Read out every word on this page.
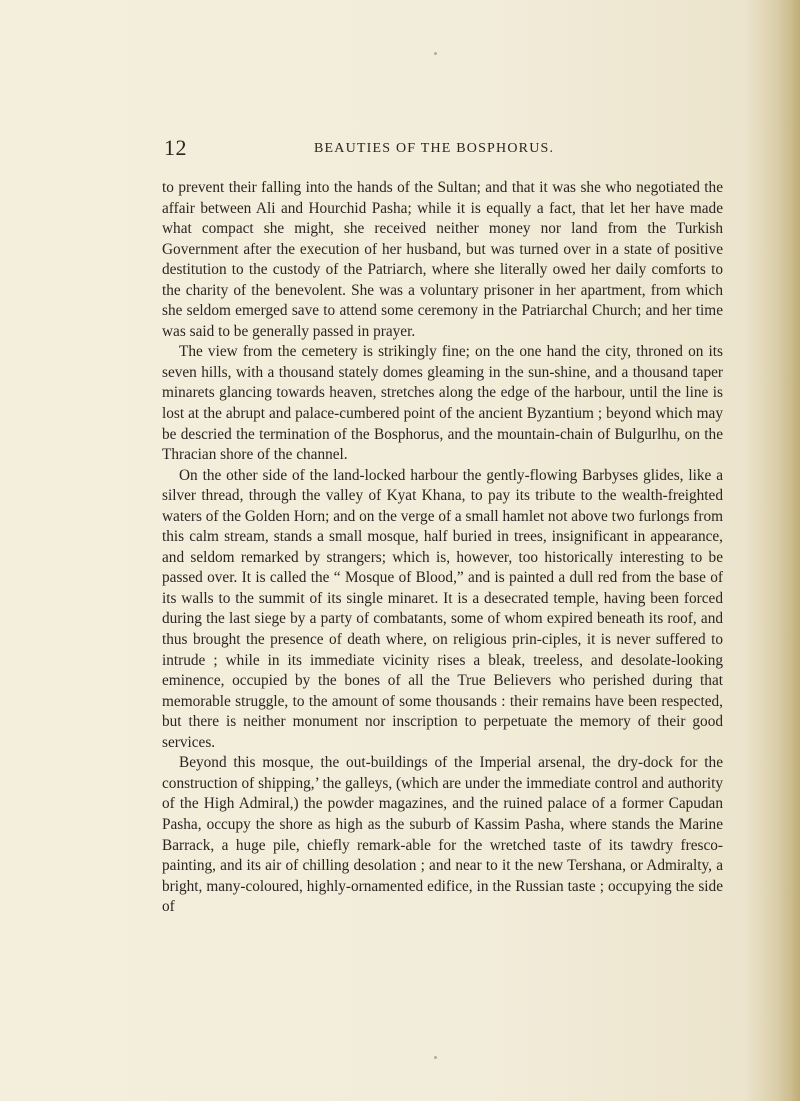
12	BEAUTIES OF THE BOSPHORUS.

to prevent their falling into the hands of the Sultan; and that it was she who negotiated the affair between Ali and Hourchid Pasha; while it is equally a fact, that let her have made what compact she might, she received neither money nor land from the Turkish Government after the execution of her husband, but was turned over in a state of positive destitution to the custody of the Patriarch, where she literally owed her daily comforts to the charity of the benevolent. She was a voluntary prisoner in her apartment, from which she seldom emerged save to attend some ceremony in the Patriarchal Church; and her time was said to be generally passed in prayer.

The view from the cemetery is strikingly fine; on the one hand the city, throned on its seven hills, with a thousand stately domes gleaming in the sun-shine, and a thousand taper minarets glancing towards heaven, stretches along the edge of the harbour, until the line is lost at the abrupt and palace-cumbered point of the ancient Byzantium ; beyond which may be descried the termination of the Bosphorus, and the mountain-chain of Bulgurlhu, on the Thracian shore of the channel.

On the other side of the land-locked harbour the gently-flowing Barbyses glides, like a silver thread, through the valley of Kyat Khana, to pay its tribute to the wealth-freighted waters of the Golden Horn; and on the verge of a small hamlet not above two furlongs from this calm stream, stands a small mosque, half buried in trees, insignificant in appearance, and seldom remarked by strangers; which is, however, too historically interesting to be passed over. It is called the “ Mosque of Blood,” and is painted a dull red from the base of its walls to the summit of its single minaret. It is a desecrated temple, having been forced during the last siege by a party of combatants, some of whom expired beneath its roof, and thus brought the presence of death where, on religious prin-ciples, it is never suffered to intrude ; while in its immediate vicinity rises a bleak, treeless, and desolate-looking eminence, occupied by the bones of all the True Believers who perished during that memorable struggle, to the amount of some thousands : their remains have been respected, but there is neither monument nor inscription to perpetuate the memory of their good services.

Beyond this mosque, the out-buildings of the Imperial arsenal, the dry-dock for the construction of shipping,’ the galleys, (which are under the immediate control and authority of the High Admiral,) the powder magazines, and the ruined palace of a former Capudan Pasha, occupy the shore as high as the suburb of Kassim Pasha, where stands the Marine Barrack, a huge pile, chiefly remark-able for the wretched taste of its tawdry fresco-painting, and its air of chilling desolation ; and near to it the new Tershana, or Admiralty, a bright, many-coloured, highly-ornamented edifice, in the Russian taste ; occupying the side of
